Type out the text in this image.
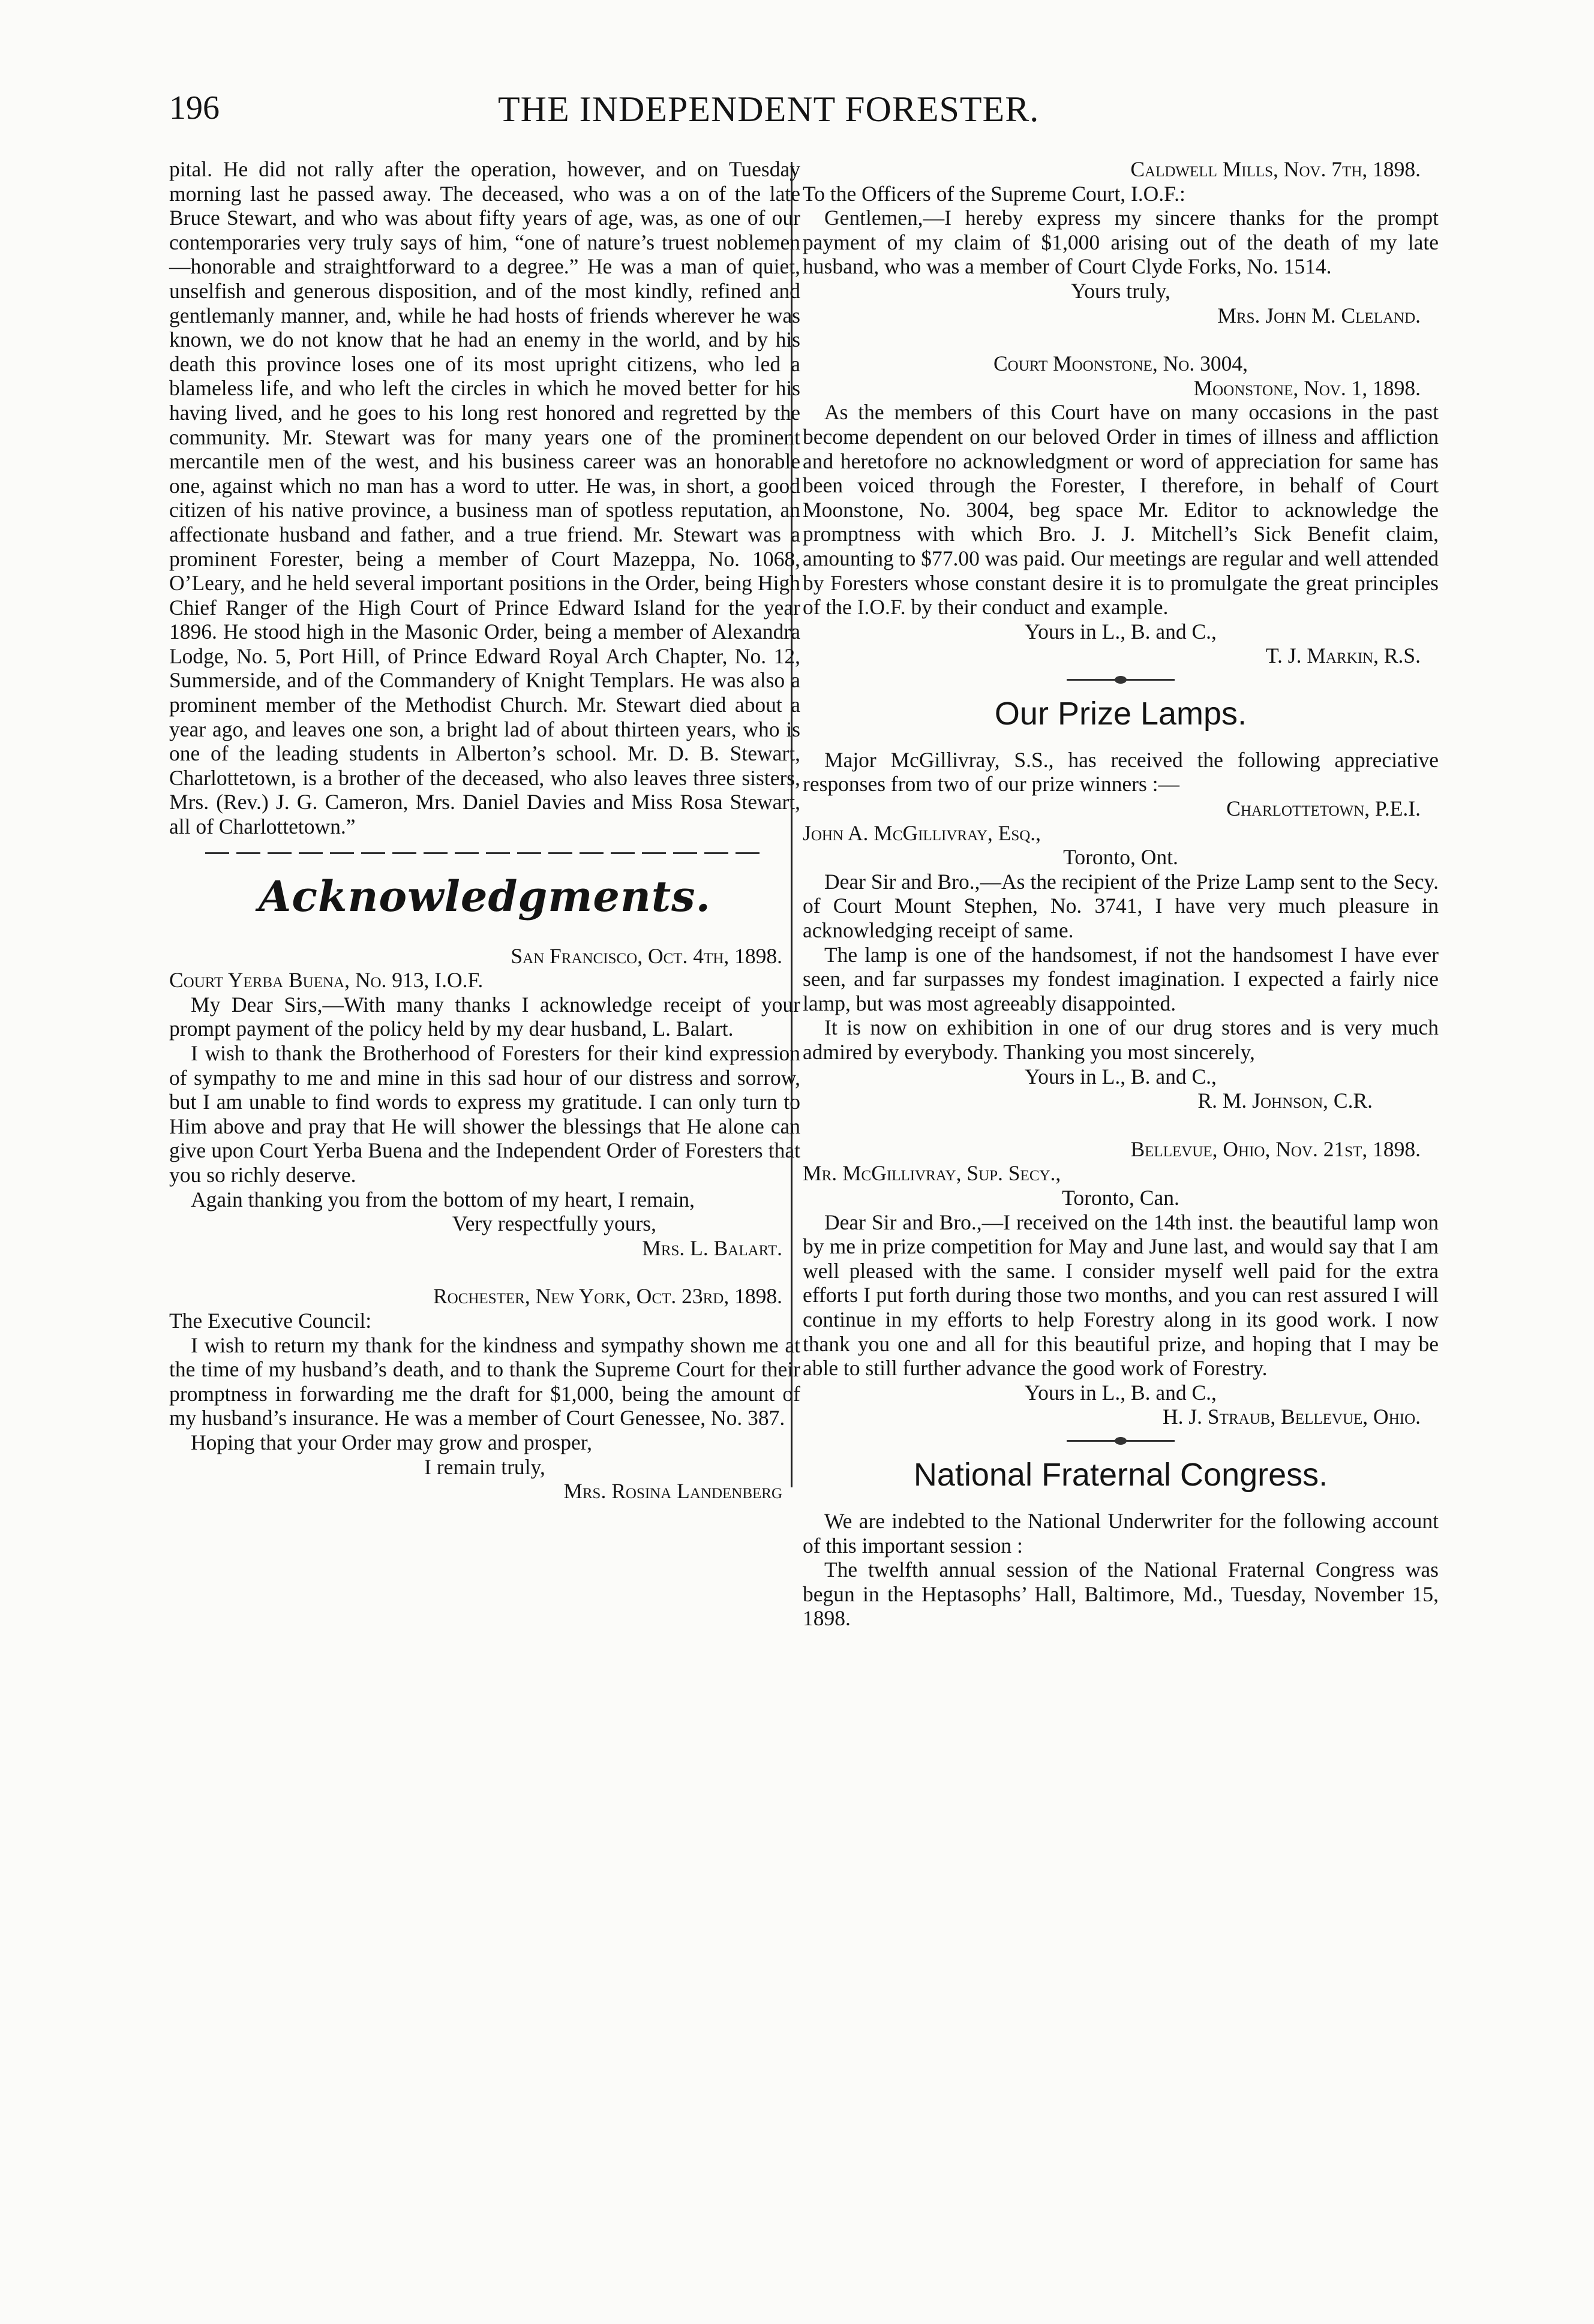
196	THE INDEPENDENT FORESTER.

pital. He did not rally after the operation, however, and on Tuesday morning last he passed away. The deceased, who was a on of the late Bruce Stewart, and who was about fifty years of age, was, as one of our contemporaries very truly says of him, “one of nature’s truest noblemen—honorable and straightforward to a degree.” He was a man of quiet, unselfish and generous disposition, and of the most kindly, refined and gentlemanly manner, and, while he had hosts of friends wherever he was known, we do not know that he had an enemy in the world, and by his death this province loses one of its most upright citizens, who led a blameless life, and who left the circles in which he moved better for his having lived, and he goes to his long rest honored and regretted by the community. Mr. Stewart was for many years one of the prominent mercantile men of the west, and his business career was an honorable one, against which no man has a word to utter. He was, in short, a good citizen of his native province, a business man of spotless reputation, an affectionate husband and father, and a true friend. Mr. Stewart was a prominent Forester, being a member of Court Mazeppa, No. 1068, O’Leary, and he held several important positions in the Order, being High Chief Ranger of the High Court of Prince Edward Island for the year 1896. He stood high in the Masonic Order, being a member of Alexandra Lodge, No. 5, Port Hill, of Prince Edward Royal Arch Chapter, No. 12, Summerside, and of the Commandery of Knight Templars. He was also a prominent member of the Methodist Church. Mr. Stewart died about a year ago, and leaves one son, a bright lad of about thirteen years, who is one of the leading students in Alberton’s school. Mr. D. B. Stewart, Charlottetown, is a brother of the deceased, who also leaves three sisters, Mrs. (Rev.) J. G. Cameron, Mrs. Daniel Davies and Miss Rosa Stewart, all of Charlottetown.”

Acknowledgments.

San Francisco, Oct. 4th, 1898.

Court Yerba Buena, No. 913, I.O.F.

My Dear Sirs,—With many thanks I acknowledge receipt of your prompt payment of the policy held by my dear husband, L. Balart.

I wish to thank the Brotherhood of Foresters for their kind expression of sympathy to me and mine in this sad hour of our distress and sorrow, but I am unable to find words to express my gratitude. I can only turn to Him above and pray that He will shower the blessings that He alone can give upon Court Yerba Buena and the Independent Order of Foresters that you so richly deserve.

Again thanking you from the bottom of my heart, I remain,

Very respectfully yours,

Mrs. L. Balart.

Rochester, New York, Oct. 23rd, 1898.

The Executive Council:

I wish to return my thank for the kindness and sympathy shown me at the time of my husband’s death, and to thank the Supreme Court for their promptness in forwarding me the draft for $1,000, being the amount of my husband’s insurance. He was a member of Court Genessee, No. 387.

Hoping that your Order may grow and prosper,

I remain truly,

Mrs. Rosina Landenberg

Caldwell Mills, Nov. 7th, 1898.

To the Officers of the Supreme Court, I.O.F.:

Gentlemen,—I hereby express my sincere thanks for the prompt payment of my claim of $1,000 arising out of the death of my late husband, who was a member of Court Clyde Forks, No. 1514.

Yours truly,

Mrs. John M. Cleland.

Court Moonstone, No. 3004,

Moonstone, Nov. 1, 1898.

As the members of this Court have on many occasions in the past become dependent on our beloved Order in times of illness and affliction and heretofore no acknowledgment or word of appreciation for same has been voiced through the Forester, I therefore, in behalf of Court Moonstone, No. 3004, beg space Mr. Editor to acknowledge the promptness with which Bro. J. J. Mitchell’s Sick Benefit claim, amounting to $77.00 was paid. Our meetings are regular and well attended by Foresters whose constant desire it is to promulgate the great principles of the I.O.F. by their conduct and example.

Yours in L., B. and C.,

T. J. Markin, R.S.

Our Prize Lamps.

Major McGillivray, S.S., has received the following appreciative responses from two of our prize winners :—

Charlottetown, P.E.I.

John A. McGillivray, Esq.,

Toronto, Ont.

Dear Sir and Bro.,—As the recipient of the Prize Lamp sent to the Secy. of Court Mount Stephen, No. 3741, I have very much pleasure in acknowledging receipt of same.

The lamp is one of the handsomest, if not the handsomest I have ever seen, and far surpasses my fondest imagination. I expected a fairly nice lamp, but was most agreeably disappointed.

It is now on exhibition in one of our drug stores and is very much admired by everybody. Thanking you most sincerely,

Yours in L., B. and C.,

R. M. Johnson, C.R.

Bellevue, Ohio, Nov. 21st, 1898.

Mr. McGillivray, Sup. Secy.,

Toronto, Can.

Dear Sir and Bro.,—I received on the 14th inst. the beautiful lamp won by me in prize competition for May and June last, and would say that I am well pleased with the same. I consider myself well paid for the extra efforts I put forth during those two months, and you can rest assured I will continue in my efforts to help Forestry along in its good work. I now thank you one and all for this beautiful prize, and hoping that I may be able to still further advance the good work of Forestry.

Yours in L., B. and C.,

H. J. Straub, Bellevue, Ohio.

National Fraternal Congress.

We are indebted to the National Underwriter for the following account of this important session :

The twelfth annual session of the National Fraternal Congress was begun in the Heptasophs’ Hall, Baltimore, Md., Tuesday, November 15, 1898.
